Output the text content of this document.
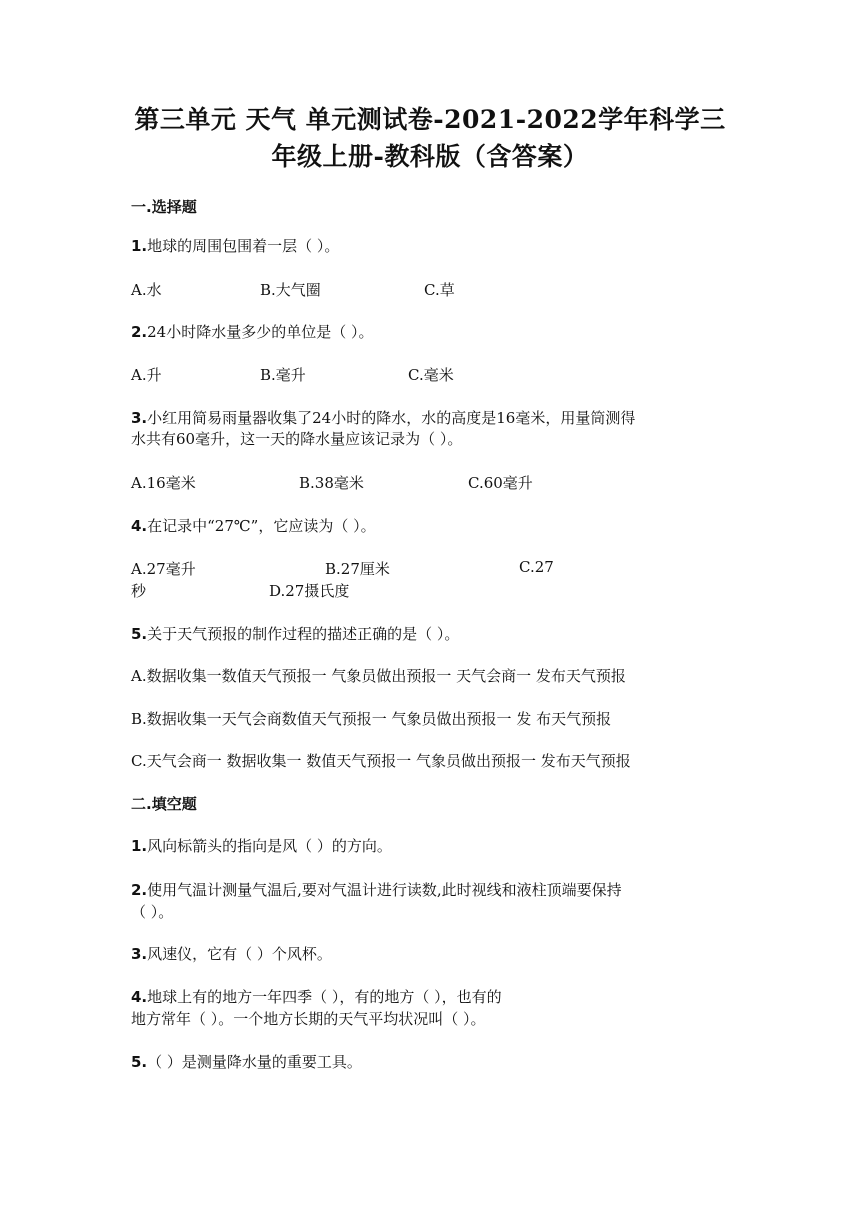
第三单元 天气 单元测试卷-2021-2022学年科学三
年级上册-教科版（含答案）
一.选择题
1.地球的周围包围着一层（ ）。
A.水	B.大气圈	C.草
2.24小时降水量多少的单位是（ ）。
A.升	B.毫升	C.毫米
3.小红用简易雨量器收集了24小时的降水，水的高度是16毫米，用量筒测得
水共有60毫升，这一天的降水量应该记录为（ ）。
A.16毫米	B.38毫米	C.60毫升
4.在记录中“27℃”，它应读为（ ）。
A.27毫升	B.27厘米	C.27
秒	D.27摄氏度
5.关于天气预报的制作过程的描述正确的是（ ）。
A.数据收集一数值天气预报一 气象员做出预报一 天气会商一 发布天气预报
B.数据收集一天气会商数值天气预报一 气象员做出预报一 发 布天气预报
C.天气会商一 数据收集一 数值天气预报一 气象员做出预报一 发布天气预报
二.填空题
1.风向标箭头的指向是风（ ）的方向。
2.使用气温计测量气温后,要对气温计进行读数,此时视线和液柱顶端要保持
（ ）。
3.风速仪，它有（ ）个风杯。
4.地球上有的地方一年四季（ ），有的地方（ ），也有的
地方常年（ ）。一个地方长期的天气平均状况叫（ ）。
5.（ ）是测量降水量的重要工具。
